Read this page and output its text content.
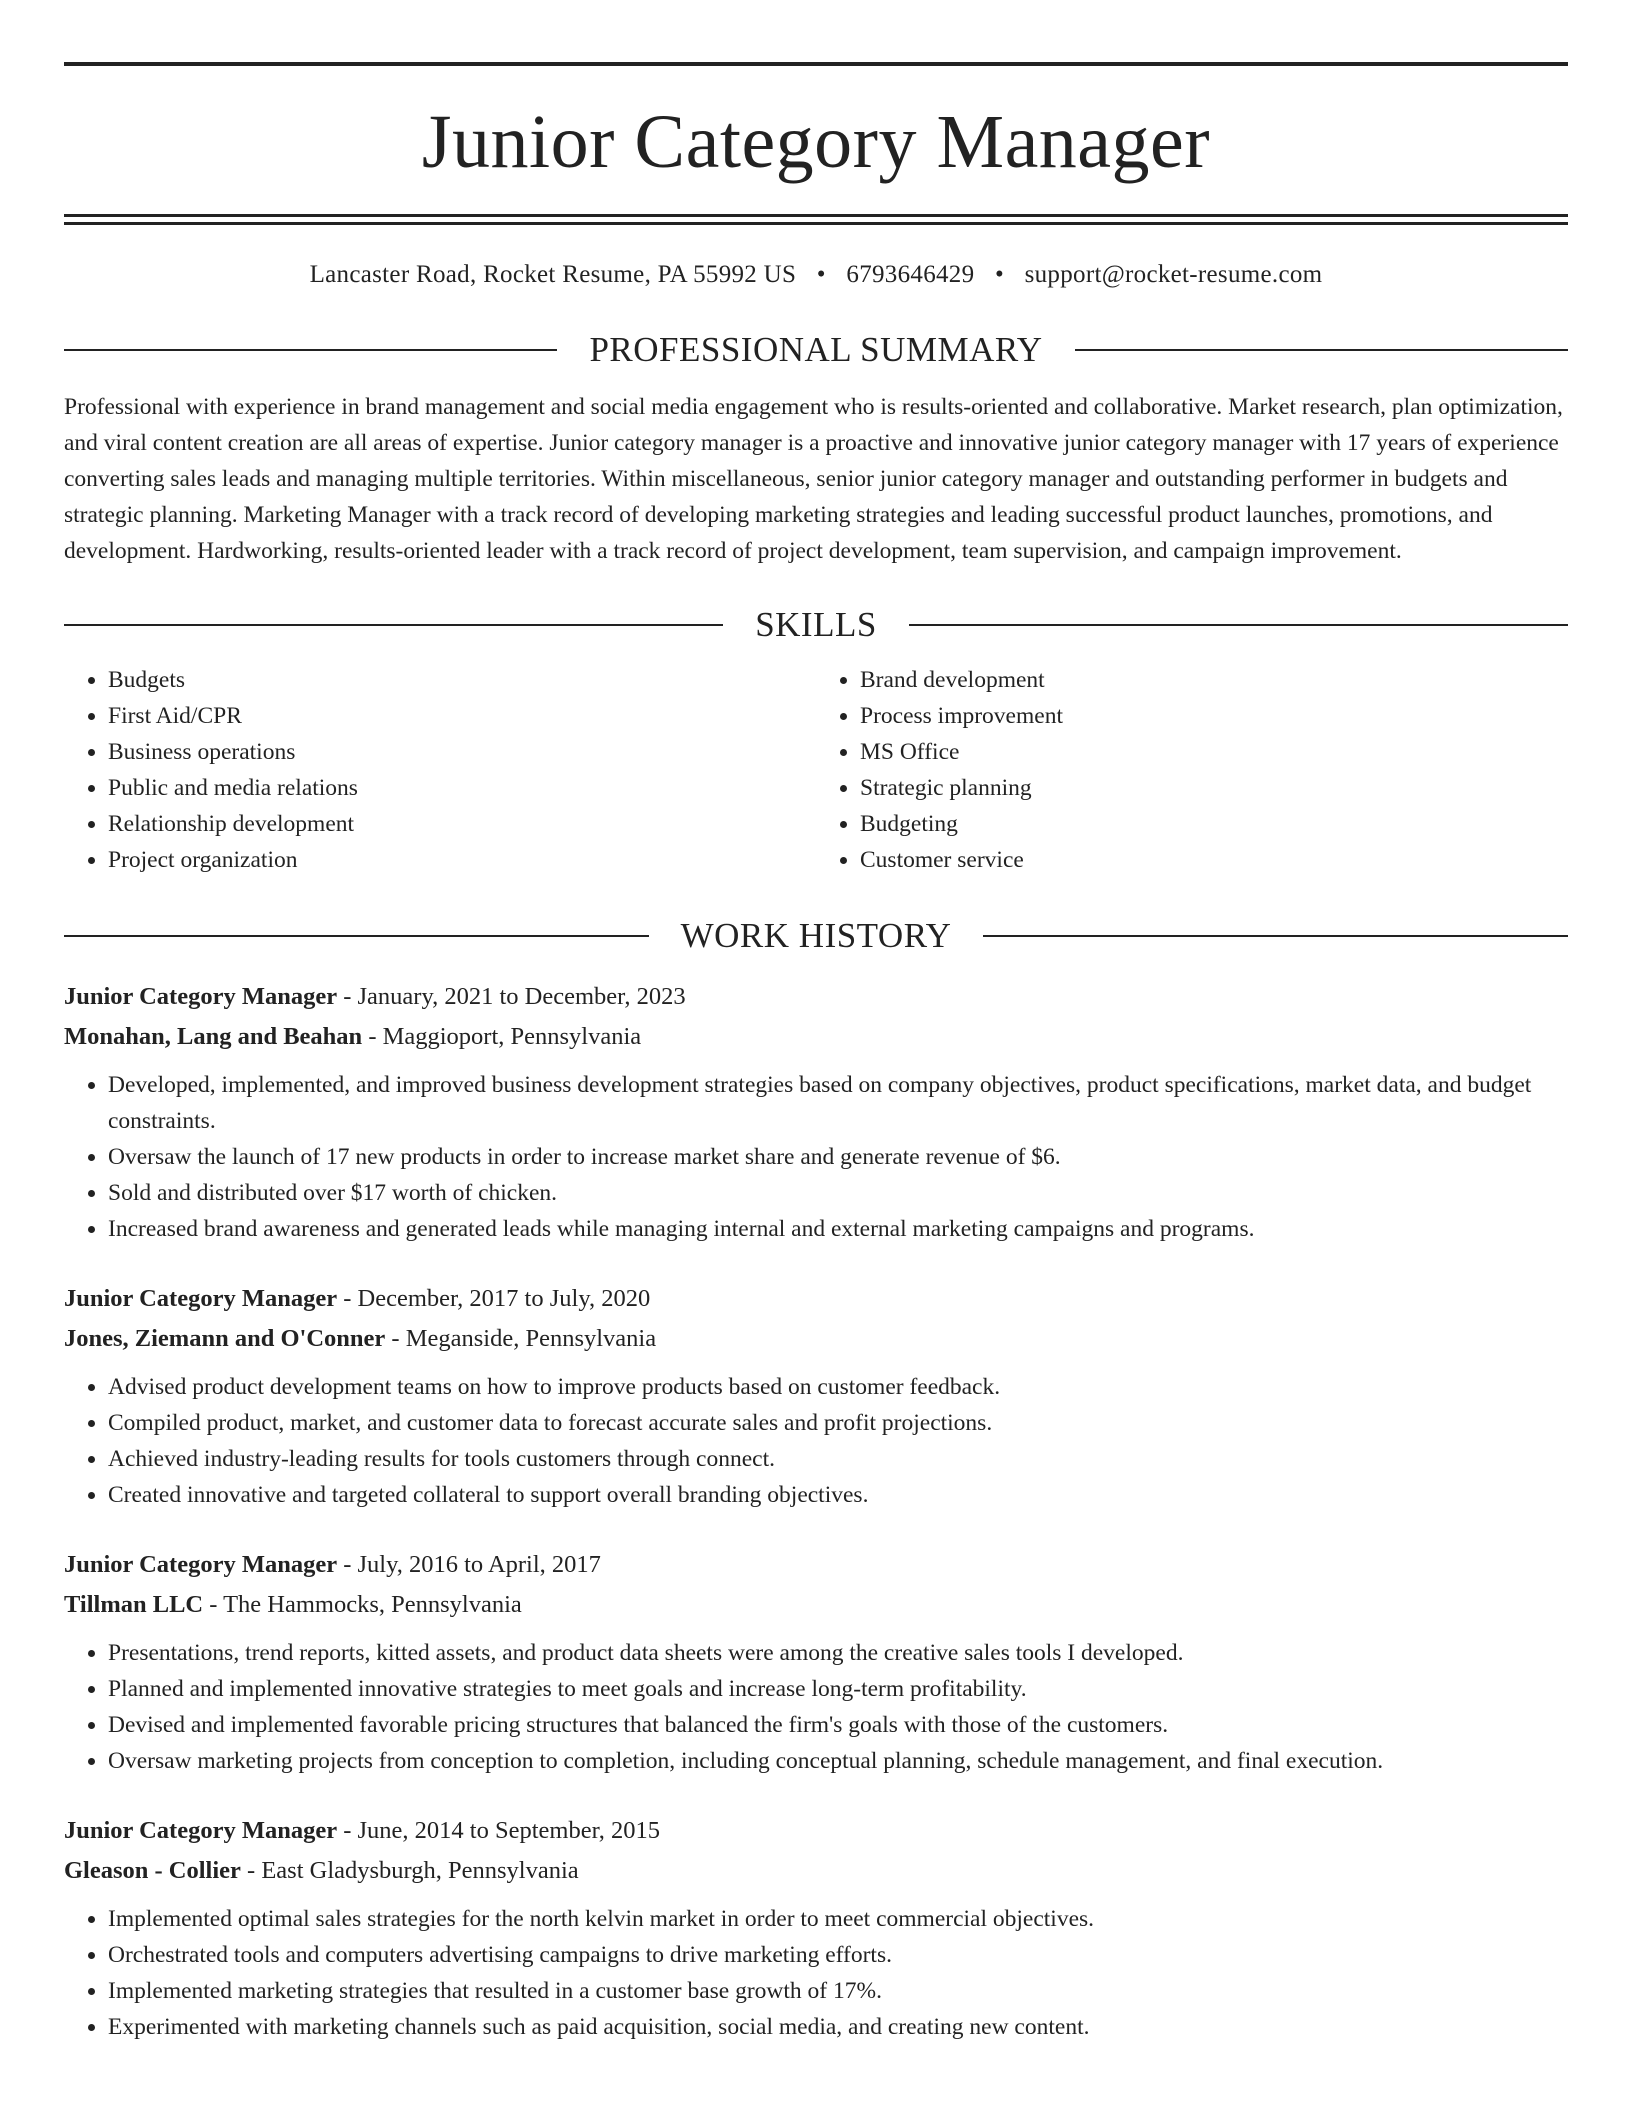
Junior Category Manager
Lancaster Road, Rocket Resume, PA 55992 US • 6793646429 • support@rocket-resume.com
PROFESSIONAL SUMMARY

Professional with experience in brand management and social media engagement who is results-oriented and collaborative. Market research, plan optimization, and viral content creation are all areas of expertise. Junior category manager is a proactive and innovative junior category manager with 17 years of experience converting sales leads and managing multiple territories. Within miscellaneous, senior junior category manager and outstanding performer in budgets and strategic planning. Marketing Manager with a track record of developing marketing strategies and leading successful product launches, promotions, and development. Hardworking, results-oriented leader with a track record of project development, team supervision, and campaign improvement.

SKILLS
• Budgets
• First Aid/CPR
• Business operations
• Public and media relations
• Relationship development
• Project organization
• Brand development
• Process improvement
• MS Office
• Strategic planning
• Budgeting
• Customer service
WORK HISTORY
Junior Category Manager - January, 2021 to December, 2023
Monahan, Lang and Beahan - Maggioport, Pennsylvania
• Developed, implemented, and improved business development strategies based on company objectives, product specifications, market data, and budget constraints.
• Oversaw the launch of 17 new products in order to increase market share and generate revenue of $6.
• Sold and distributed over $17 worth of chicken.
• Increased brand awareness and generated leads while managing internal and external marketing campaigns and programs.
Junior Category Manager - December, 2017 to July, 2020
Jones, Ziemann and O'Conner - Meganside, Pennsylvania
• Advised product development teams on how to improve products based on customer feedback.
• Compiled product, market, and customer data to forecast accurate sales and profit projections.
• Achieved industry-leading results for tools customers through connect.
• Created innovative and targeted collateral to support overall branding objectives.
Junior Category Manager - July, 2016 to April, 2017
Tillman LLC - The Hammocks, Pennsylvania
• Presentations, trend reports, kitted assets, and product data sheets were among the creative sales tools I developed.
• Planned and implemented innovative strategies to meet goals and increase long-term profitability.
• Devised and implemented favorable pricing structures that balanced the firm's goals with those of the customers.
• Oversaw marketing projects from conception to completion, including conceptual planning, schedule management, and final execution.
Junior Category Manager - June, 2014 to September, 2015
Gleason - Collier - East Gladysburgh, Pennsylvania
• Implemented optimal sales strategies for the north kelvin market in order to meet commercial objectives.
• Orchestrated tools and computers advertising campaigns to drive marketing efforts.
• Implemented marketing strategies that resulted in a customer base growth of 17%.
• Experimented with marketing channels such as paid acquisition, social media, and creating new content.
